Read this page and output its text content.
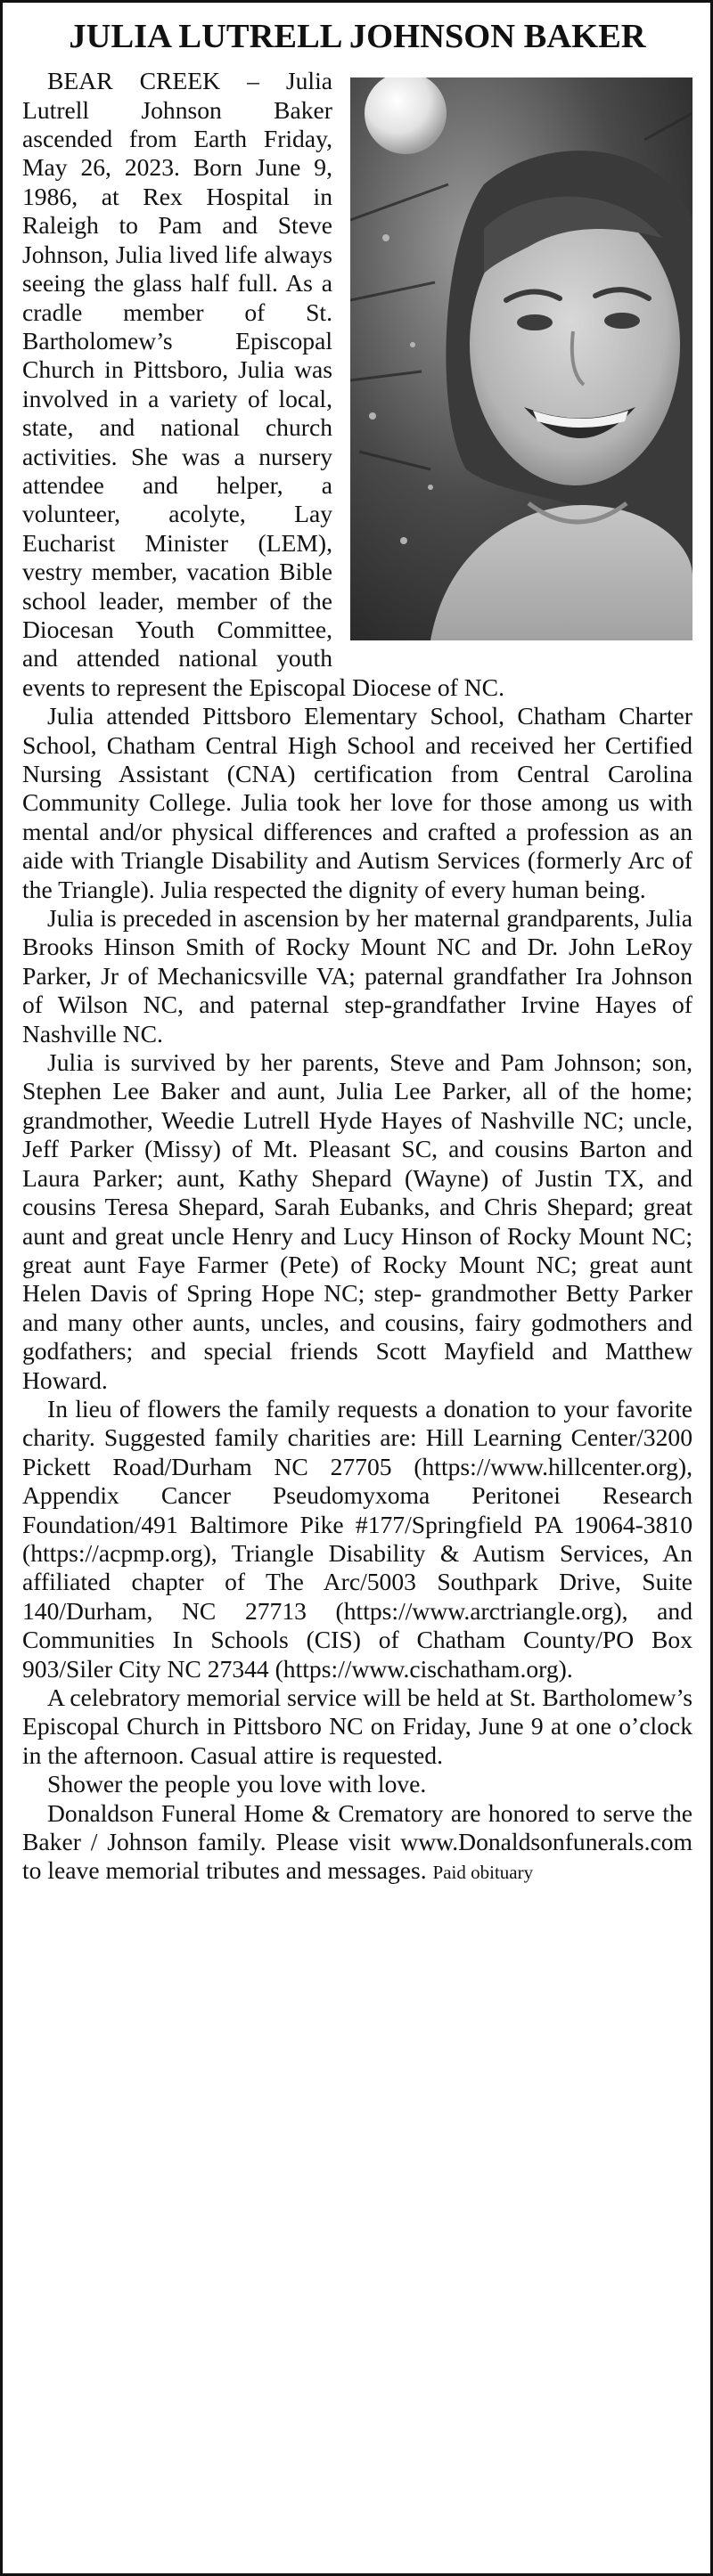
JULIA LUTRELL JOHNSON BAKER

BEAR CREEK – Julia Lutrell Johnson Baker ascended from Earth Friday, May 26, 2023. Born June 9, 1986, at Rex Hospital in Raleigh to Pam and Steve Johnson, Julia lived life always seeing the glass half full. As a cradle member of St. Bartholomew’s Episcopal Church in Pittsboro, Julia was involved in a variety of local, state, and national church activities. She was a nursery attendee and helper, a volunteer, acolyte, Lay Eucharist Minister (LEM), vestry member, vacation Bible school leader, member of the Diocesan Youth Committee, and attended national youth events to represent the Episcopal Diocese of NC.

Julia attended Pittsboro Elementary School, Chatham Charter School, Chatham Central High School and received her Certified Nursing Assistant (CNA) certification from Central Carolina Community College. Julia took her love for those among us with mental and/or physical differences and crafted a profession as an aide with Triangle Disability and Autism Services (formerly Arc of the Triangle). Julia respected the dignity of every human being.

Julia is preceded in ascension by her maternal grandparents, Julia Brooks Hinson Smith of Rocky Mount NC and Dr. John LeRoy Parker, Jr of Mechanicsville VA; paternal grandfather Ira Johnson of Wilson NC, and paternal step-grandfather Irvine Hayes of Nashville NC.

Julia is survived by her parents, Steve and Pam Johnson; son, Stephen Lee Baker and aunt, Julia Lee Parker, all of the home; grandmother, Weedie Lutrell Hyde Hayes of Nashville NC; uncle, Jeff Parker (Missy) of Mt. Pleasant SC, and cousins Barton and Laura Parker; aunt, Kathy Shepard (Wayne) of Justin TX, and cousins Teresa Shepard, Sarah Eubanks, and Chris Shepard; great aunt and great uncle Henry and Lucy Hinson of Rocky Mount NC; great aunt Faye Farmer (Pete) of Rocky Mount NC; great aunt Helen Davis of Spring Hope NC; step- grandmother Betty Parker and many other aunts, uncles, and cousins, fairy godmothers and godfathers; and special friends Scott Mayfield and Matthew Howard.

In lieu of flowers the family requests a donation to your favorite charity. Suggested family charities are: Hill Learning Center/3200 Pickett Road/Durham NC 27705 (https://www.hillcenter.org), Appendix Cancer Pseudomyxoma Peritonei Research Foundation/491 Baltimore Pike #177/Springfield PA 19064-3810 (https://acpmp.org), Triangle Disability & Autism Services, An affiliated chapter of The Arc/5003 Southpark Drive, Suite 140/Durham, NC 27713 (https://www.arctriangle.org), and Communities In Schools (CIS) of Chatham County/PO Box 903/Siler City NC 27344 (https://www.cischatham.org).

A celebratory memorial service will be held at St. Bartholomew’s Episcopal Church in Pittsboro NC on Friday, June 9 at one o’clock in the afternoon. Casual attire is requested.

Shower the people you love with love.

Donaldson Funeral Home & Crematory are honored to serve the Baker / Johnson family. Please visit www.Donaldsonfunerals.com to leave memorial tributes and messages. Paid obituary
